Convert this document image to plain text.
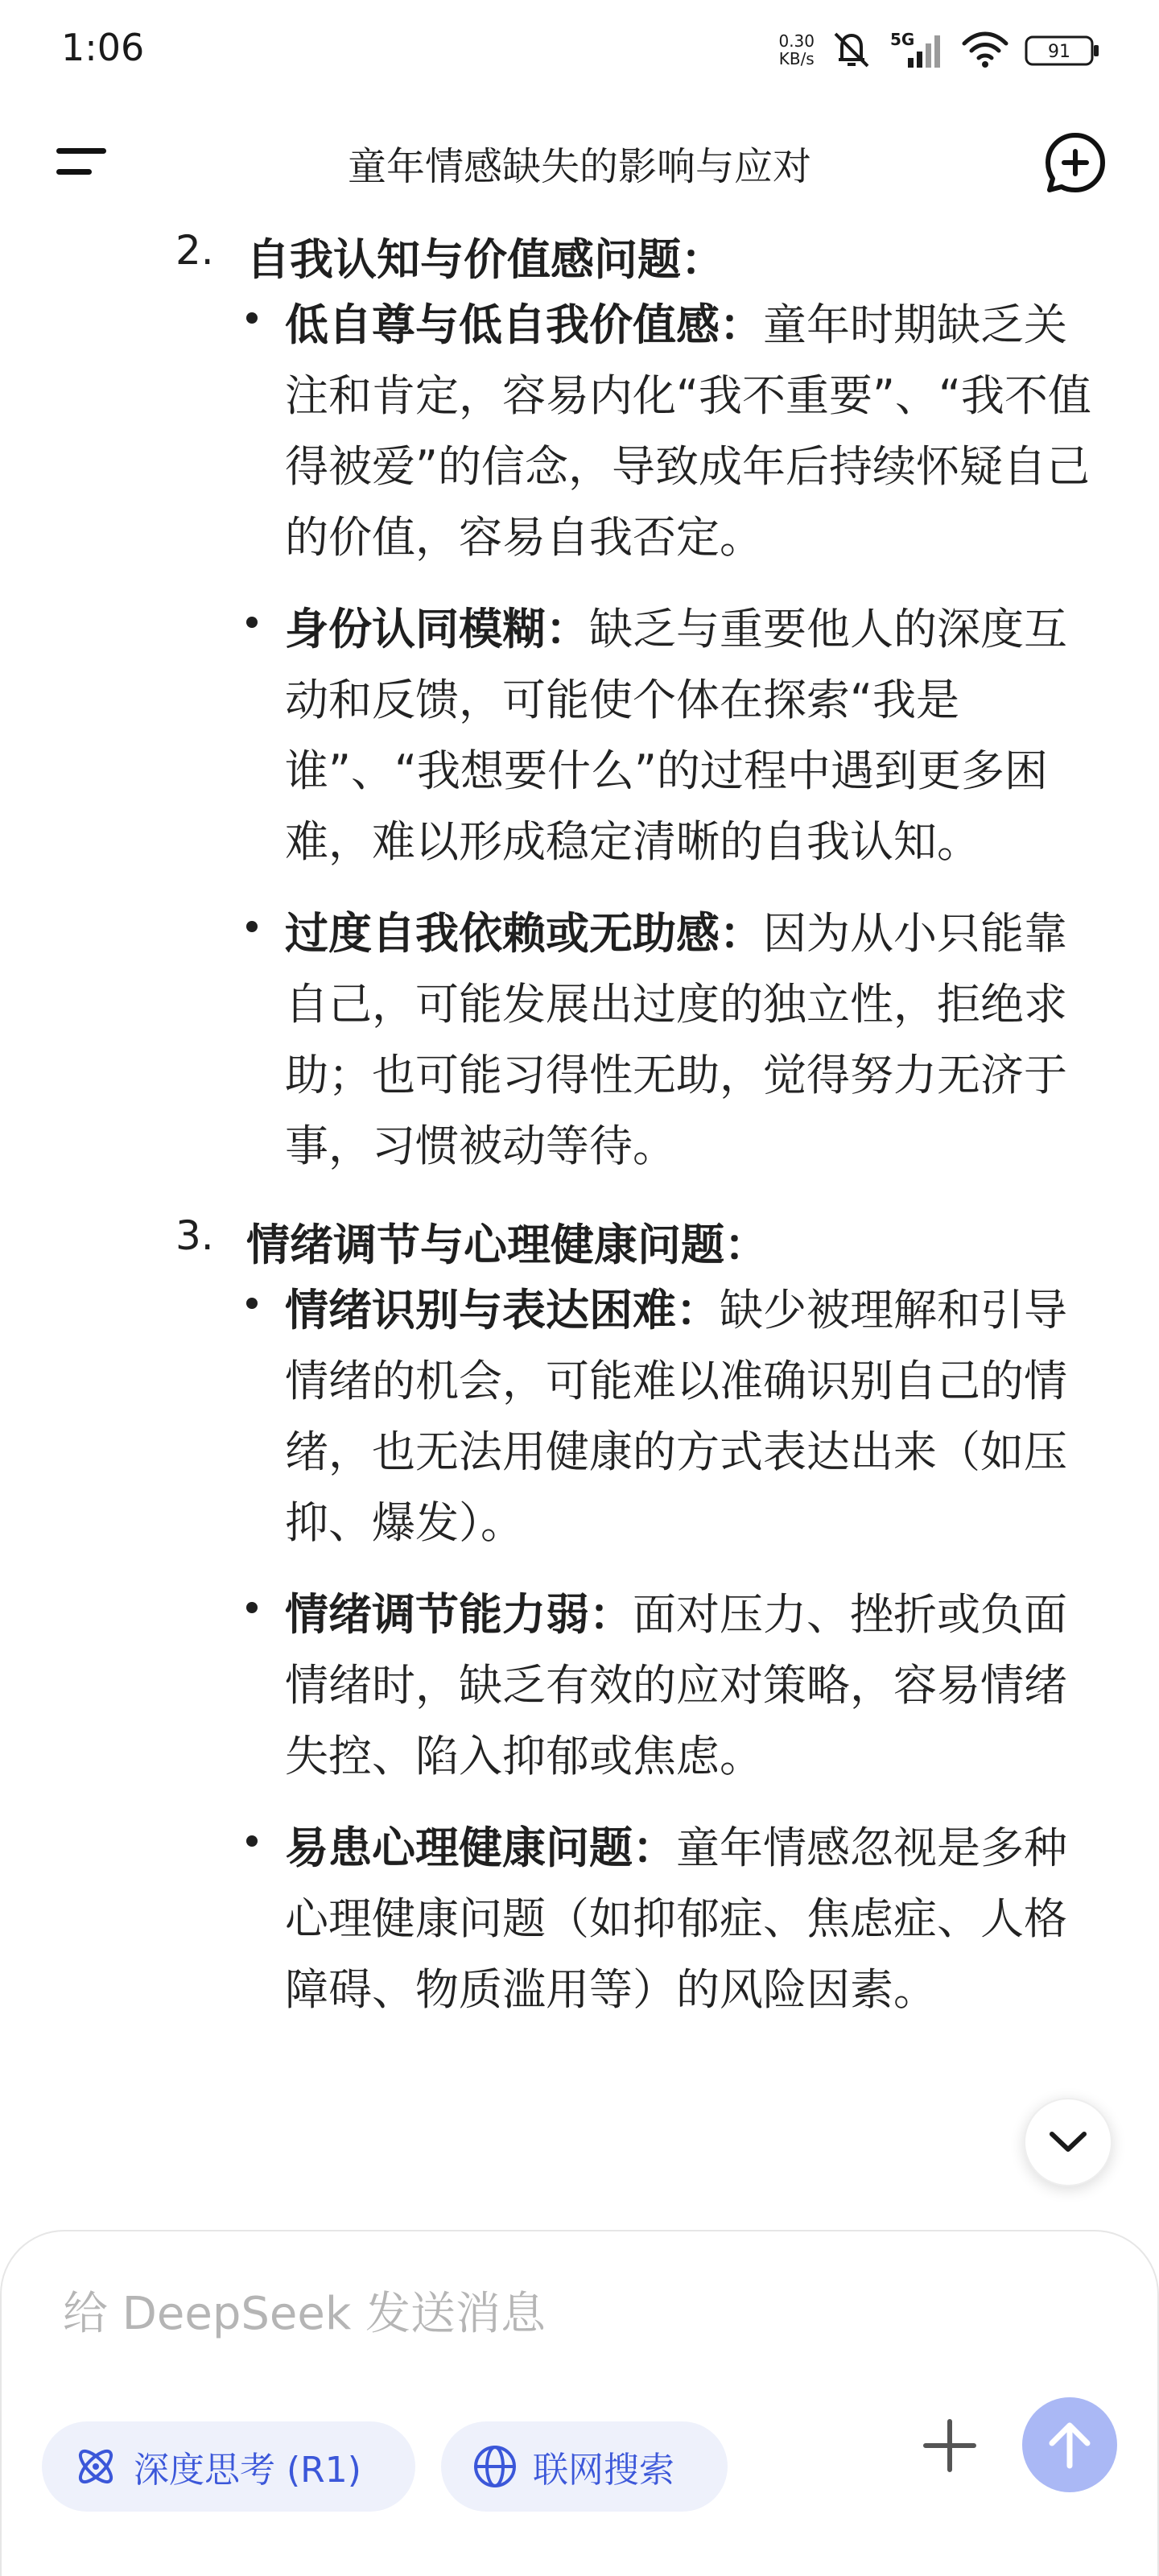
1:06	0.30
KB/s
5G
91
童年情感缺失的影响与应对
2. 自我认知与价值感问题：
低自尊与低自我价值感：童年时期缺乏关注和肯定，容易内化“我不重要”、“我不值得被爱”的信念，导致成年后持续怀疑自己的价值，容易自我否定。
身份认同模糊：缺乏与重要他人的深度互动和反馈，可能使个体在探索“我是谁”、“我想要什么”的过程中遇到更多困难，难以形成稳定清晰的自我认知。
过度自我依赖或无助感：因为从小只能靠自己，可能发展出过度的独立性，拒绝求助；也可能习得性无助，觉得努力无济于事，习惯被动等待。
3. 情绪调节与心理健康问题：
情绪识别与表达困难：缺少被理解和引导情绪的机会，可能难以准确识别自己的情绪，也无法用健康的方式表达出来（如压抑、爆发）。
情绪调节能力弱：面对压力、挫折或负面情绪时，缺乏有效的应对策略，容易情绪失控、陷入抑郁或焦虑。
易患心理健康问题：童年情感忽视是多种心理健康问题（如抑郁症、焦虑症、人格障碍、物质滥用等）的风险因素。
给 DeepSeek 发送消息
深度思考 (R1)	联网搜索
